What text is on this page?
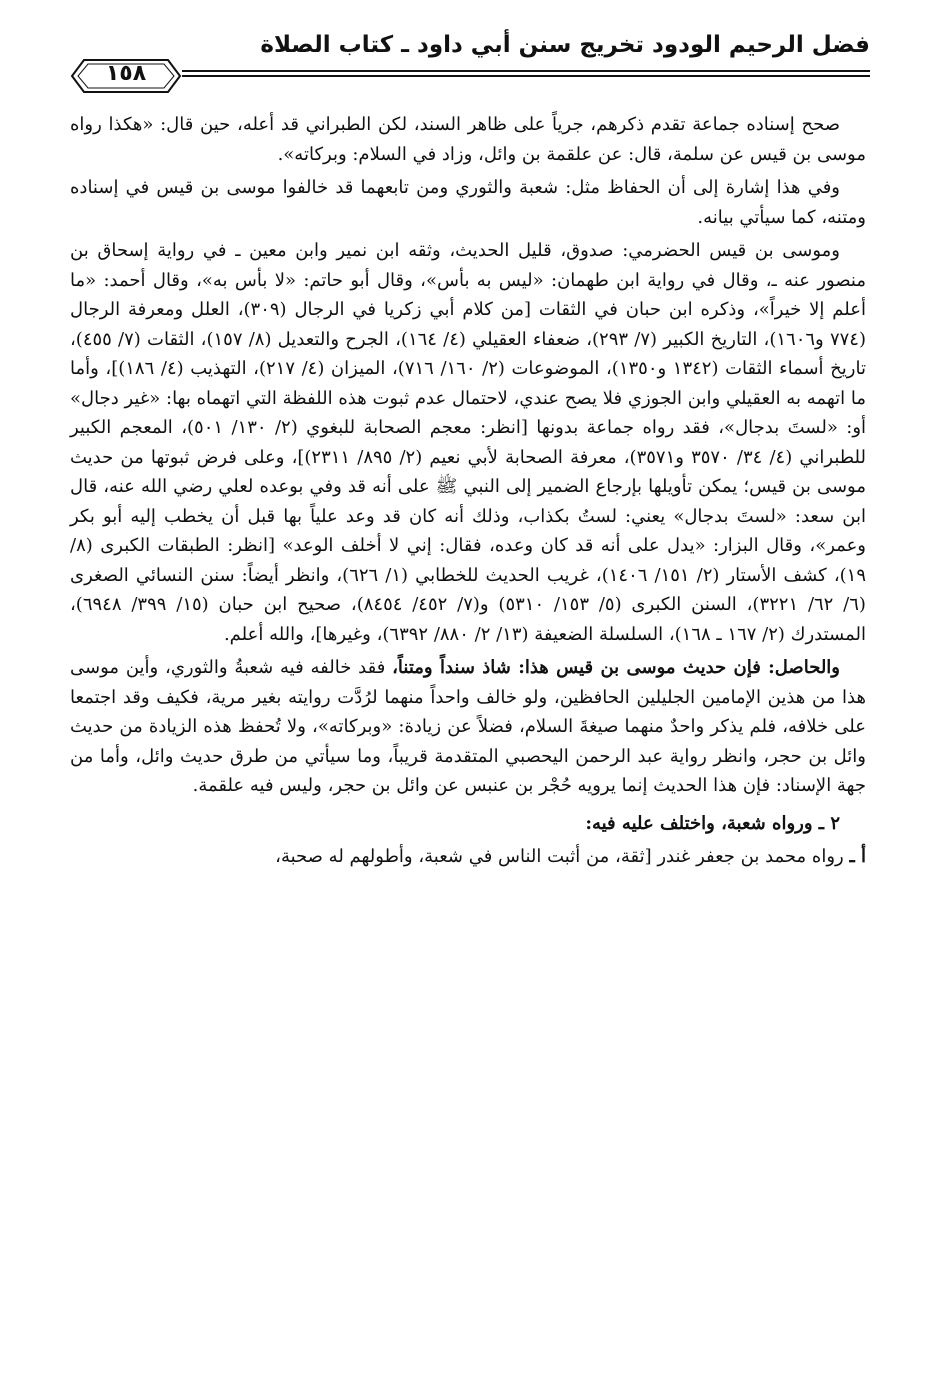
فضل الرحيم الودود تخريج سنن أبي داود ـ كتاب الصلاة
١٥٨

صحح إسناده جماعة تقدم ذكرهم، جرياً على ظاهر السند، لكن الطبراني قد أعله، حين قال: «هكذا رواه موسى بن قيس عن سلمة، قال: عن علقمة بن وائل، وزاد في السلام: وبركاته».

وفي هذا إشارة إلى أن الحفاظ مثل: شعبة والثوري ومن تابعهما قد خالفوا موسى بن قيس في إسناده ومتنه، كما سيأتي بيانه.

وموسى بن قيس الحضرمي: صدوق، قليل الحديث، وثقه ابن نمير وابن معين ـ في رواية إسحاق بن منصور عنه ـ، وقال في رواية ابن طهمان: «ليس به بأس»، وقال أبو حاتم: «لا بأس به»، وقال أحمد: «ما أعلم إلا خيراً»، وذكره ابن حبان في الثقات [من كلام أبي زكريا في الرجال (٣٠٩)، العلل ومعرفة الرجال (٧٧٤ و١٦٠٦)، التاريخ الكبير (٧/ ٢٩٣)، ضعفاء العقيلي (٤/ ١٦٤)، الجرح والتعديل (٨/ ١٥٧)، الثقات (٧/ ٤٥٥)، تاريخ أسماء الثقات (١٣٤٢ و١٣٥٠)، الموضوعات (٢/ ١٦٠/ ٧١٦)، الميزان (٤/ ٢١٧)، التهذيب (٤/ ١٨٦)]، وأما ما اتهمه به العقيلي وابن الجوزي فلا يصح عندي، لاحتمال عدم ثبوت هذه اللفظة التي اتهماه بها: «غير دجال» أو: «لستَ بدجال»، فقد رواه جماعة بدونها [انظر: معجم الصحابة للبغوي (٢/ ١٣٠/ ٥٠١)، المعجم الكبير للطبراني (٤/ ٣٤/ ٣٥٧٠ و٣٥٧١)، معرفة الصحابة لأبي نعيم (٢/ ٨٩٥/ ٢٣١١)]، وعلى فرض ثبوتها من حديث موسى بن قيس؛ يمكن تأويلها بإرجاع الضمير إلى النبي ﷺ على أنه قد وفي بوعده لعلي رضي الله عنه، قال ابن سعد: «لستَ بدجال» يعني: لستُ بكذاب، وذلك أنه كان قد وعد علياً بها قبل أن يخطب إليه أبو بكر وعمر»، وقال البزار: «يدل على أنه قد كان وعده، فقال: إني لا أخلف الوعد» [انظر: الطبقات الكبرى (٨/ ١٩)، كشف الأستار (٢/ ١٥١/ ١٤٠٦)، غريب الحديث للخطابي (١/ ٦٢٦)، وانظر أيضاً: سنن النسائي الصغرى (٦/ ٦٢/ ٣٢٢١)، السنن الكبرى (٥/ ١٥٣/ ٥٣١٠) و(٧/ ٤٥٢/ ٨٤٥٤)، صحيح ابن حبان (١٥/ ٣٩٩/ ٦٩٤٨)، المستدرك (٢/ ١٦٧ ـ ١٦٨)، السلسلة الضعيفة (١٣/ ٢/ ٨٨٠/ ٦٣٩٢)، وغيرها]، والله أعلم.

والحاصل: فإن حديث موسى بن قيس هذا: شاذ سنداً ومتناً، فقد خالفه فيه شعبةُ والثوري، وأين موسى هذا من هذين الإمامين الجليلين الحافظين، ولو خالف واحداً منهما لرُدَّت روايته بغير مرية، فكيف وقد اجتمعا على خلافه، فلم يذكر واحدٌ منهما صيغةَ السلام، فضلاً عن زيادة: «وبركاته»، ولا تُحفظ هذه الزيادة من حديث وائل بن حجر، وانظر رواية عبد الرحمن اليحصبي المتقدمة قريباً، وما سيأتي من طرق حديث وائل، وأما من جهة الإسناد: فإن هذا الحديث إنما يرويه حُجْر بن عنبس عن وائل بن حجر، وليس فيه علقمة.

٢ ـ ورواه شعبة، واختلف عليه فيه:

أ ـ رواه محمد بن جعفر غندر [ثقة، من أثبت الناس في شعبة، وأطولهم له صحبة،
